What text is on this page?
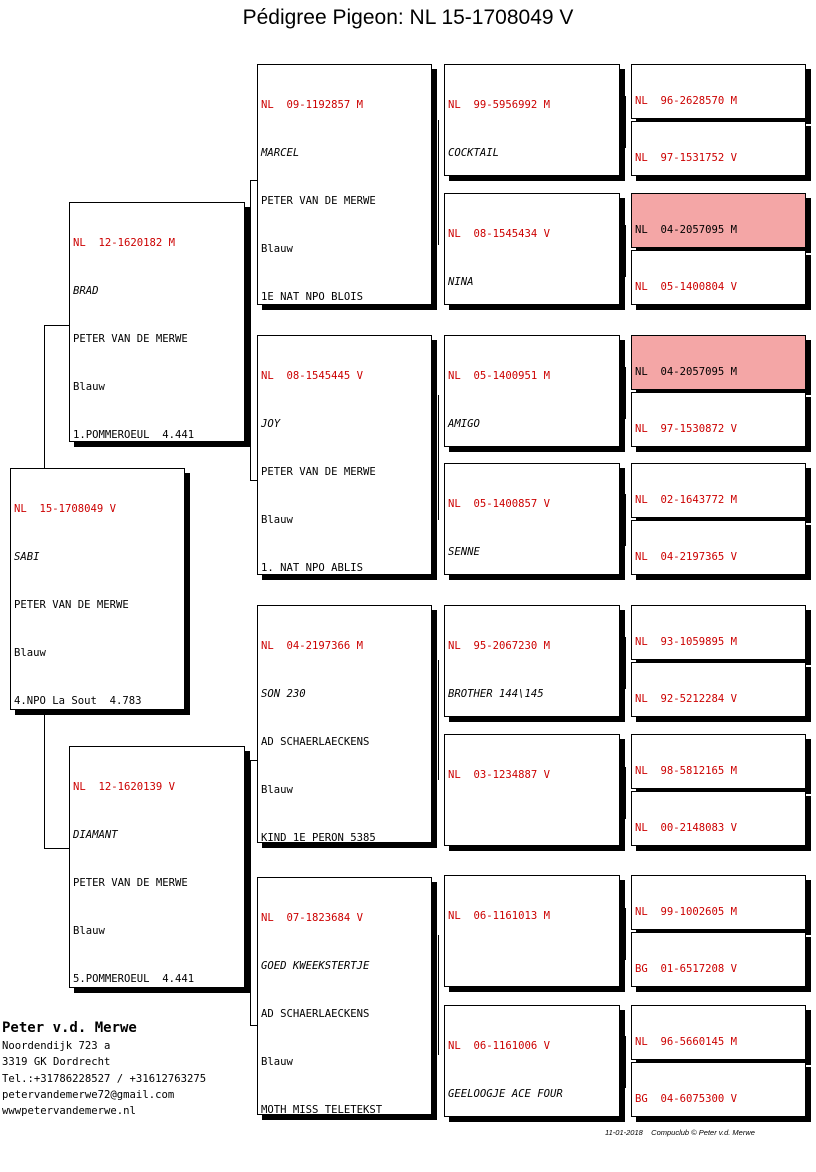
Pédigree Pigeon: NL 15-1708049 V

NL  15-1708049 V

SABI

PETER VAN DE MERWE

Blauw

4.NPO La Sout  4.783

NL  12-1620182 M

BRAD

PETER VAN DE MERWE

Blauw

1.POMMEROEUL  4.441

NL  12-1620139 V

DIAMANT

PETER VAN DE MERWE

Blauw

5.POMMEROEUL  4.441

NL  09-1192857 M

MARCEL

PETER VAN DE MERWE

Blauw

1E NAT NPO BLOIS

NL  08-1545445 V

JOY

PETER VAN DE MERWE

Blauw

1. NAT NPO ABLIS

NL  04-2197366 M

SON 230

AD SCHAERLAECKENS

Blauw

KIND 1E PERON 5385

NL  07-1823684 V

GOED KWEEKSTERTJE

AD SCHAERLAECKENS

Blauw

MOTH MISS TELETEKST

NL  99-5956992 M

COCKTAIL

NL  08-1545434 V

NINA

NL  05-1400951 M

AMIGO

NL  05-1400857 V

SENNE

NL  95-2067230 M

BROTHER 144\145

NL  03-1234887 V

NL  06-1161013 M

NL  06-1161006 V

GEELOOGJE ACE FOUR

NL  96-2628570 M

NL  97-1531752 V

NL  04-2057095 M

NL  05-1400804 V

NL  04-2057095 M

NL  97-1530872 V

NL  02-1643772 M

NL  04-2197365 V

NL  93-1059895 M

NL  92-5212284 V

NL  98-5812165 M

NL  00-2148083 V

NL  99-1002605 M

BG  01-6517208 V

NL  96-5660145 M

BG  04-6075300 V

Peter v.d. Merwe
Noordendijk 723 a
3319 GK Dordrecht
Tel.:+31786228527 / +31612763275
petervandemerwe72@gmail.com
wwwpetervandemerwe.nl
11-01-2018 Compuclub © Peter v.d. Merwe
